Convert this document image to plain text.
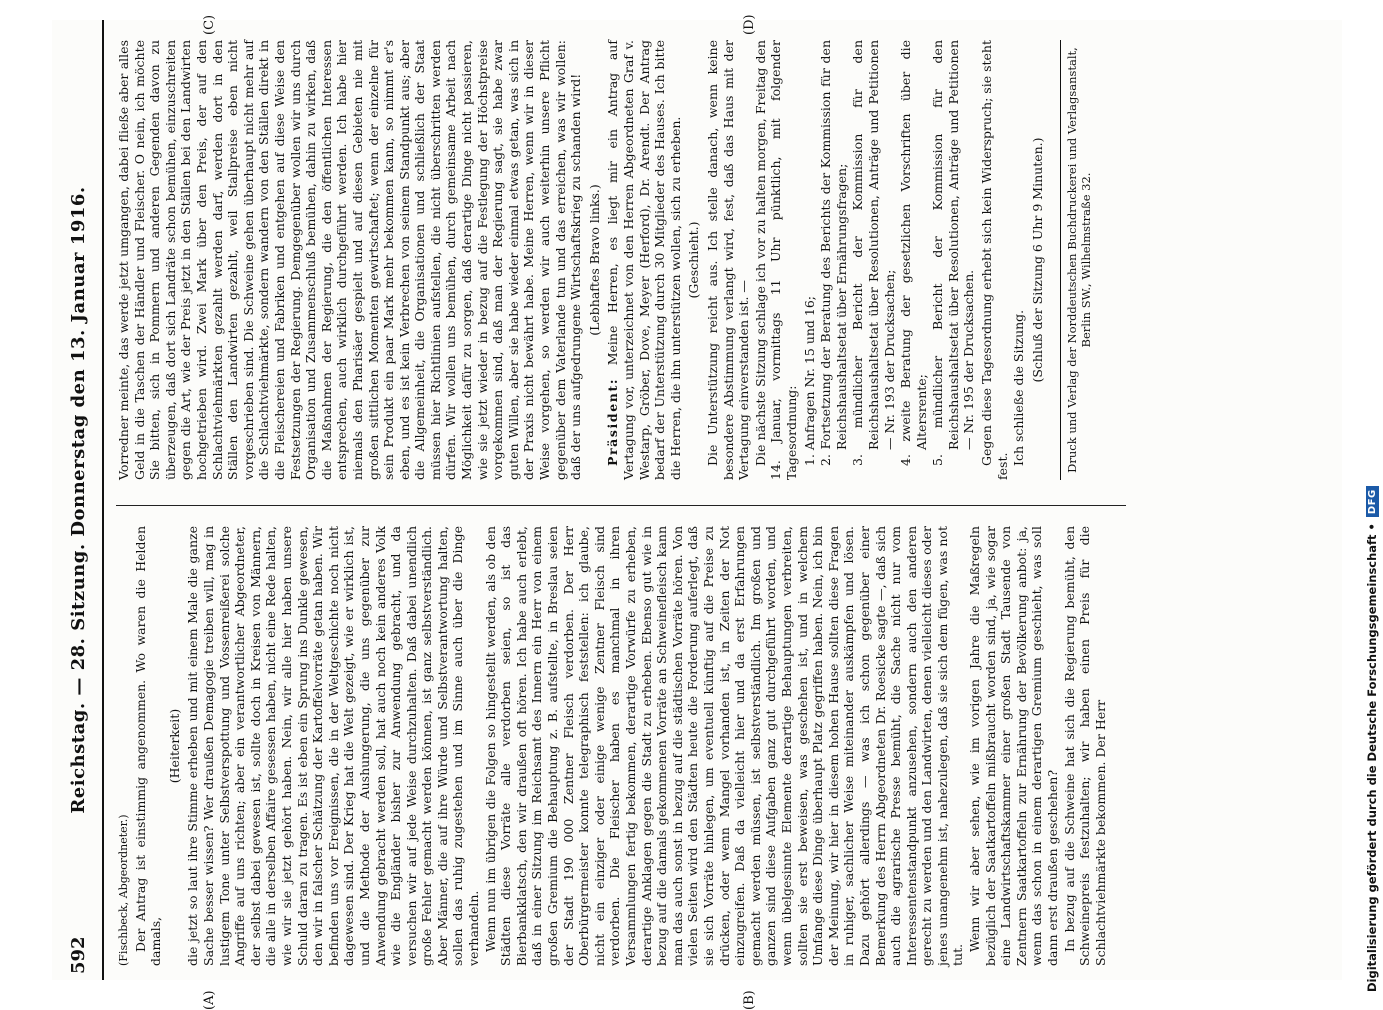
592
Reichstag. — 28. Sitzung. Donnerstag den 13. Januar 1916.
(A)	(B)
(C)	(D)

(Fischbeck, Abgeordneter.) Der Antrag ist einstimmig angenommen. Wo waren die Helden damals,

(Heiterkeit) die jetzt so laut ihre Stimme erheben und mit einem Male die ganze Sache besser wissen? Wer draußen Demagogie treiben will, mag in lustigem Tone unter Selbstverspottung und Vossenreißerei solche Angriffe auf uns richten; aber ein verantwortlicher Abgeordneter, der selbst dabei gewesen ist, sollte doch in Kreisen von Männern, die alle in derselben Affaire gesessen haben, nicht eine Rede halten, wie wir sie jetzt gehört haben. Nein, wir alle hier haben unsere Schuld daran zu tragen. Es ist eben ein Sprung ins Dunkle gewesen, den wir in falscher Schätzung der Kartoffelvorräte getan haben. Wir befinden uns vor Ereignissen, die in der Weltgeschichte noch nicht dagewesen sind. Der Krieg hat die Welt gezeigt, wie er wirklich ist, und die Methode der Aushungerung, die uns gegenüber zur Anwendung gebracht werden soll, hat auch noch kein anderes Volk wie die Engländer bisher zur Anwendung gebracht, und da versuchen wir auf jede Weise durchzuhalten. Daß dabei unendlich große Fehler gemacht werden können, ist ganz selbstverständlich. Aber Männer, die auf ihre Würde und Selbstverantwortung halten, sollen das ruhig zugestehen und im Sinne auch über die Dinge verhandeln. Wenn nun im übrigen die Folgen so hingestellt werden, als ob den Städten diese Vorräte alle verdorben seien, so ist das Bierbankklatsch, den wir draußen oft hören. Ich habe auch erlebt, daß in einer Sitzung im Reichsamt des Innern ein Herr von einem großen Gremium die Behauptung z. B. aufstellte, in Breslau seien der Stadt 190 000 Zentner Fleisch verdorben. Der Herr Oberbürgermeister konnte telegraphisch feststellen: ich glaube, nicht ein einziger oder einige wenige Zentner Fleisch sind verdorben. Die Fleischer haben es manchmal in ihren Versammlungen fertig bekommen, derartige Vorwürfe zu erheben, derartige Anklagen gegen die Stadt zu erheben. Ebenso gut wie in bezug auf die damals gekommenen Vorräte an Schweinefleisch kann man das auch sonst in bezug auf die städtischen Vorräte hören. Von vielen Seiten wird den Städten heute die Forderung auferlegt, daß sie sich Vorräte hinlegen, um eventuell künftig auf die Preise zu drücken, oder wenn Mangel vorhanden ist, in Zeiten der Not einzugreifen. Daß da vielleicht hier und da erst Erfahrungen gemacht werden müssen, ist selbstverständlich. Im großen und ganzen sind diese Aufgaben ganz gut durchgeführt worden, und wenn übelgesinnte Elemente derartige Behauptungen verbreiten, sollten sie erst beweisen, was geschehen ist, und in welchem Umfange diese Dinge überhaupt Platz gegriffen haben. Nein, ich bin der Meinung, wir hier in diesem hohen Hause sollten diese Fragen in ruhiger, sachlicher Weise miteinander auskämpfen und lösen. Dazu gehört allerdings — was ich schon gegenüber einer Bemerkung des Herrn Abgeordneten Dr. Roesicke sagte —, daß sich auch die agrarische Presse bemüht, die Sache nicht nur vom Interessentenstandpunkt anzusehen, sondern auch den anderen gerecht zu werden und den Landwirten, denen vielleicht dieses oder jenes unangenehm ist, nahezulegen, daß sie sich dem fügen, was not tut.

Wenn wir aber sehen, wie im vorigen Jahre die Maßregeln bezüglich der Saatkartoffeln mißbraucht worden sind, ja, wie sogar eine Landwirtschaftskammer einer großen Stadt Tausende von Zentnern Saatkartoffeln zur Ernährung der Bevölkerung anbot: ja, wenn das schon in einem derartigen Gremium geschieht, was soll dann erst draußen geschehen? In bezug auf die Schweine hat sich die Regierung bemüht, den Schweinepreis festzuhalten; wir haben einen Preis für die Schlachtviehmärkte bekommen. Der Herr

Vorredner meinte, das werde jetzt umgangen, dabei fließe aber alles Geld in die Taschen der Händler und Fleischer. O nein, ich möchte Sie bitten, sich in Pommern und anderen Gegenden davon zu überzeugen, daß dort sich Landräte schon bemühen, einzuschreiten gegen die Art, wie der Preis jetzt in den Ställen bei den Landwirten hochgetrieben wird. Zwei Mark über den Preis, der auf den Schlachtviehmärkten gezahlt werden darf, werden dort in den Ställen den Landwirten gezahlt, weil Stallpreise eben nicht vorgeschrieben sind. Die Schweine gehen überhaupt nicht mehr auf die Schlachtviehmärkte, sondern wandern von den Ställen direkt in die Fleischereien und Fabriken und entgehen auf diese Weise den Festsetzungen der Regierung. Demgegenüber wollen wir uns durch Organisation und Zusammenschluß bemühen, dahin zu wirken, daß die Maßnahmen der Regierung, die den öffentlichen Interessen entsprechen, auch wirklich durchgeführt werden. Ich habe hier niemals den Pharisäer gespielt und auf diesen Gebieten nie mit großen sittlichen Momenten gewirtschaftet; wenn der einzelne für sein Produkt ein paar Mark mehr bekommen kann, so nimmt er's eben, und es ist kein Verbrechen von seinem Standpunkt aus; aber die Allgemeinheit, die Organisationen und schließlich der Staat müssen hier Richtlinien aufstellen, die nicht überschritten werden dürfen. Wir wollen uns bemühen, durch gemeinsame Arbeit nach Möglichkeit dafür zu sorgen, daß derartige Dinge nicht passieren, wie sie jetzt wieder in bezug auf die Festlegung der Höchstpreise vorgekommen sind, daß man der Regierung sagt, sie habe zwar guten Willen, aber sie habe wieder einmal etwas getan, was sich in der Praxis nicht bewährt habe. Meine Herren, wenn wir in dieser Weise vorgehen, so werden wir auch weiterhin unsere Pflicht gegenüber dem Vaterlande tun und das erreichen, was wir wollen: daß der uns aufgedrungene Wirtschaftskrieg zu schanden wird! (Lebhaftes Bravo links.)

Präsident: Meine Herren, es liegt mir ein Antrag auf Vertagung vor, unterzeichnet von den Herren Abgeordneten Graf v. Westarp, Gröber, Dove, Meyer (Herford), Dr. Arendt. Der Antrag bedarf der Unterstützung durch 30 Mitglieder des Hauses. Ich bitte die Herren, die ihn unterstützen wollen, sich zu erheben. (Geschieht.) Die Unterstützung reicht aus. Ich stelle danach, wenn keine besondere Abstimmung verlangt wird, fest, daß das Haus mit der Vertagung einverstanden ist. — Die nächste Sitzung schlage ich vor zu halten morgen, Freitag den 14. Januar, vormittags 11 Uhr pünktlich, mit folgender Tagesordnung: 1. Anfragen Nr. 15 und 16; 2. Fortsetzung der Beratung des Berichts der Kommission für den Reichshaushaltsetat über Ernährungsfragen; 3. mündlicher Bericht der Kommission für den Reichshaushaltsetat über Resolutionen, Anträge und Petitionen — Nr. 193 der Drucksachen; 4. zweite Beratung der gesetzlichen Vorschriften über die Altersrente; 5. mündlicher Bericht der Kommission für den Reichshaushaltsetat über Resolutionen, Anträge und Petitionen — Nr. 195 der Drucksachen. Gegen diese Tagesordnung erhebt sich kein Widerspruch; sie steht fest.

Ich schließe die Sitzung.

(Schluß der Sitzung 6 Uhr 9 Minuten.)	Druck und Verlag der Norddeutschen Buchdruckerei und Verlagsanstalt, Berlin SW., Wilhelmstraße 32.
Digitalisierung gefördert durch die Deutsche Forschungsgemeinschaft •
DFG
